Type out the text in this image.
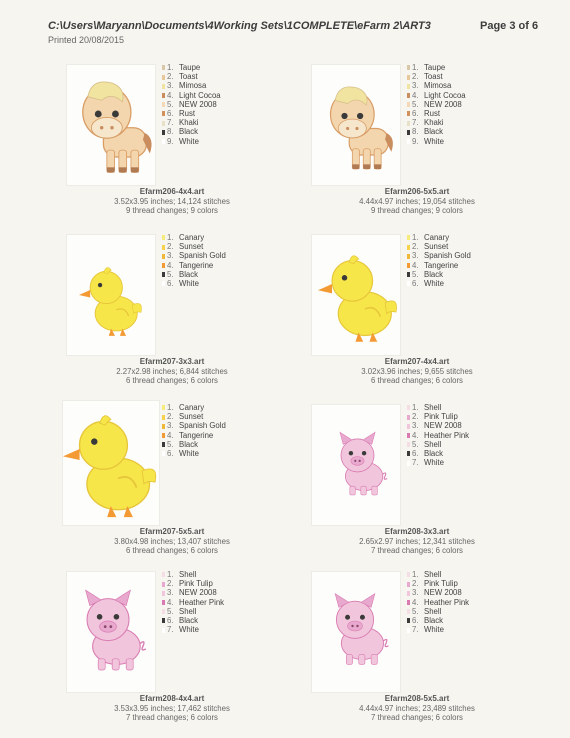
C:\Users\Maryann\Documents\4Working Sets\1COMPLETE\eFarm 2\ART3	Page 3 of 6
Printed 20/08/2015
1. Taupe
2. Toast
3. Mimosa
4. Light Cocoa
5. NEW 2008
6. Rust
7. Khaki
8. Black
9. White
Efarm206-4x4.art
3.52x3.95 inches; 14,124 stitches
9 thread changes; 9 colors
1. Taupe
2. Toast
3. Mimosa
4. Light Cocoa
5. NEW 2008
6. Rust
7. Khaki
8. Black
9. White
Efarm206-5x5.art
4.44x4.97 inches; 19,054 stitches
9 thread changes; 9 colors
1. Canary
2. Sunset
3. Spanish Gold
4. Tangerine
5. Black
6. White
Efarm207-3x3.art
2.27x2.98 inches; 6,844 stitches
6 thread changes; 6 colors
1. Canary
2. Sunset
3. Spanish Gold
4. Tangerine
5. Black
6. White
Efarm207-4x4.art
3.02x3.96 inches; 9,655 stitches
6 thread changes; 6 colors
1. Canary
2. Sunset
3. Spanish Gold
4. Tangerine
5. Black
6. White
Efarm207-5x5.art
3.80x4.98 inches; 13,407 stitches
6 thread changes; 6 colors
1. Shell
2. Pink Tulip
3. NEW 2008
4. Heather Pink
5. Shell
6. Black
7. White
Efarm208-3x3.art
2.65x2.97 inches; 12,341 stitches
7 thread changes; 6 colors
1. Shell
2. Pink Tulip
3. NEW 2008
4. Heather Pink
5. Shell
6. Black
7. White
Efarm208-4x4.art
3.53x3.95 inches; 17,462 stitches
7 thread changes; 6 colors
1. Shell
2. Pink Tulip
3. NEW 2008
4. Heather Pink
5. Shell
6. Black
7. White
Efarm208-5x5.art
4.44x4.97 inches; 23,489 stitches
7 thread changes; 6 colors
